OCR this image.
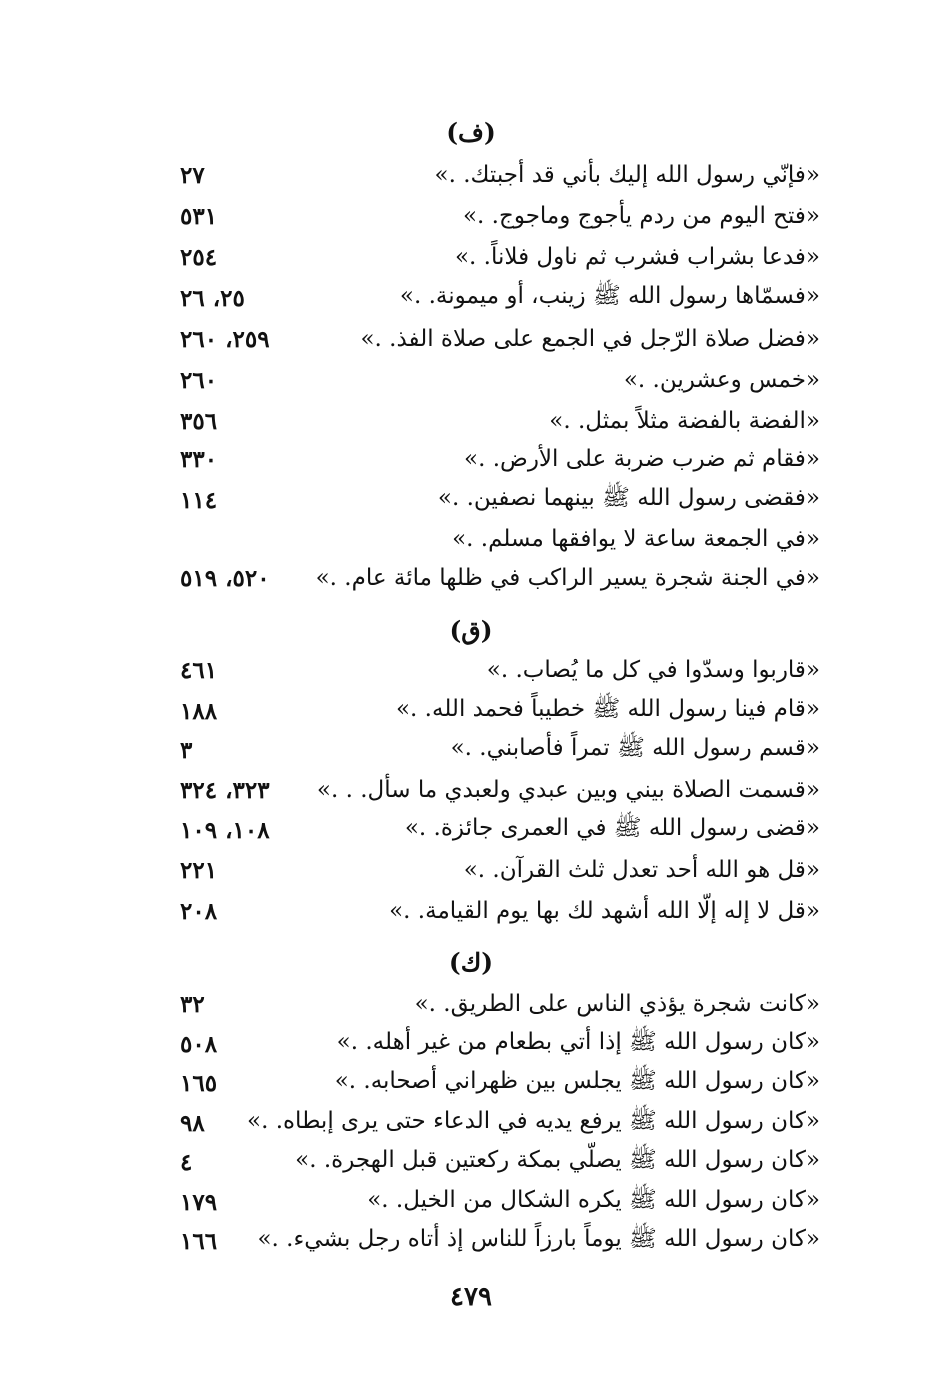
(ف)
«فإنّي رسول الله إليك بأني قد أجبتك. .»
٢٧
«فتح اليوم من ردم يأجوج وماجوج. .»
٥٣١
«فدعا بشراب فشرب ثم ناول فلاناً. .»
٢٥٤
«فسمّاها رسول الله ﷺ زينب، أو ميمونة. .»
٢٥، ٢٦
«فضل صلاة الرّجل في الجمع على صلاة الفذ. .»
٢٥٩، ٢٦٠
«خمس وعشرين. .»
٢٦٠
«الفضة بالفضة مثلاً بمثل. .»
٣٥٦
«فقام ثم ضرب ضربة على الأرض. .»
٣٣٠
«فقضى رسول الله ﷺ بينهما نصفين. .»
١١٤
«في الجمعة ساعة لا يوافقها مسلم. .»
«في الجنة شجرة يسير الراكب في ظلها مائة عام. .»
٥٢٠، ٥١٩
(ق)
«قاربوا وسدّوا في كل ما يُصاب. .»
٤٦١
«قام فينا رسول الله ﷺ خطيباً فحمد الله. .»
١٨٨
«قسم رسول الله ﷺ تمراً فأصابني. .»
٣
«قسمت الصلاة بيني وبين عبدي ولعبدي ما سأل. . .»
٣٢٣، ٣٢٤
«قضى رسول الله ﷺ في العمرى جائزة. .»
١٠٨، ١٠٩
«قل هو الله أحد تعدل ثلث القرآن. .»
٢٢١
«قل لا إله إلّا الله أشهد لك بها يوم القيامة. .»
٢٠٨
(ك)
«كانت شجرة يؤذي الناس على الطريق. .»
٣٢
«كان رسول الله ﷺ إذا أتي بطعام من غير أهله. .»
٥٠٨
«كان رسول الله ﷺ يجلس بين ظهراني أصحابه. .»
١٦٥
«كان رسول الله ﷺ يرفع يديه في الدعاء حتى يرى إبطاه. .»
٩٨
«كان رسول الله ﷺ يصلّي بمكة ركعتين قبل الهجرة. .»
٤
«كان رسول الله ﷺ يكره الشكال من الخيل. .»
١٧٩
«كان رسول الله ﷺ يوماً بارزاً للناس إذ أتاه رجل بشيء. .»
١٦٦
٤٧٩
